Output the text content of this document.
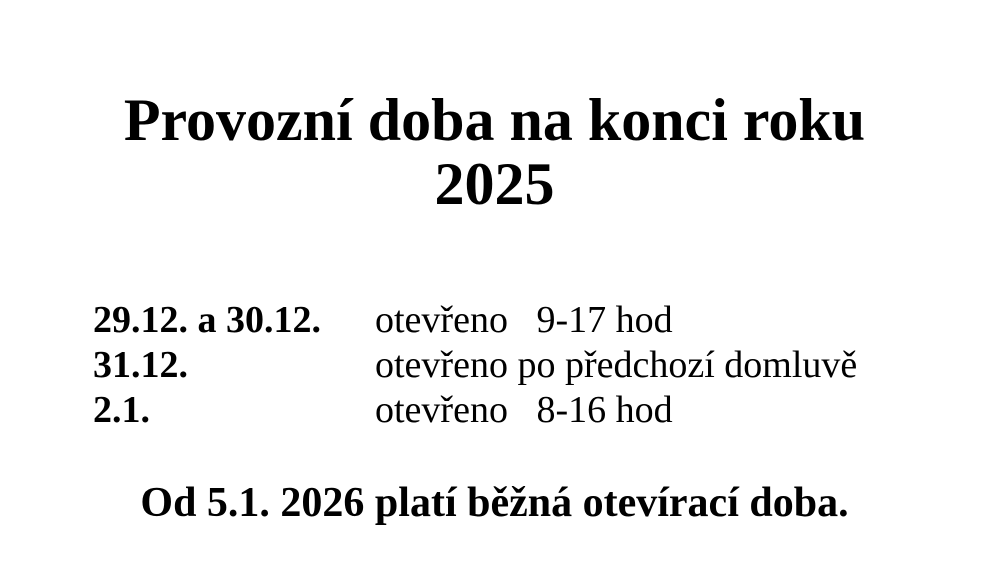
Provozní doba na konci roku
2025
29.12. a 30.12.	otevřeno   9-17 hod
31.12.	otevřeno po předchozí domluvě
2.1.	otevřeno   8-16 hod
Od 5.1. 2026 platí běžná otevírací doba.
